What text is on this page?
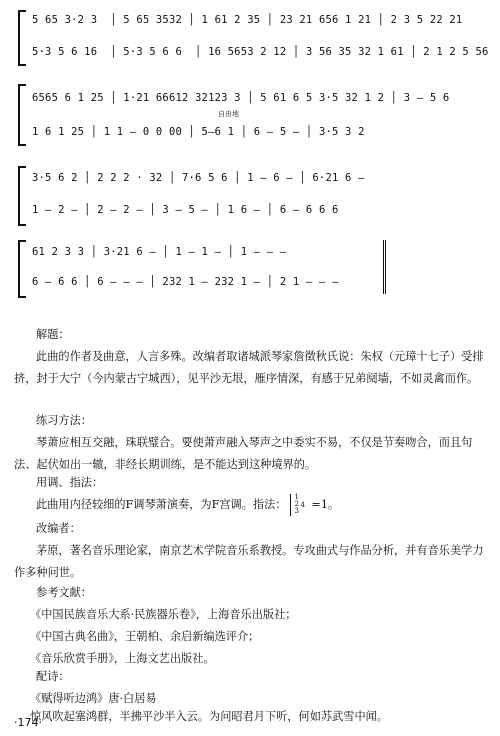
5 65 3·2 3  │ 5 65 3532 │ 1 61 2 35 │ 23 21 656 1 21 │ 2 3 5 22 21
5·3 5 6 16  │ 5·3 5 6 6  │ 16 5653 2 12 │ 3 56 35 32 1 61 │ 2 1 2 5 56
6565 6 1 25 │ 1·21 66612 32123 3 │ 5 61 6 5 3·5 32 1 2 │ 3 — 5 6
1 6 1 25 │ 1 1 — 0 0 00 │ 5—6 1 │ 6 — 5 — │ 3·5 3 2
自由地
3·5 6 2 │ 2 2 2 · 32 │ 7·6 5 6 │ 1 — 6 — │ 6·21 6 —
1 — 2 — │ 2 — 2 — │ 3 — 5 — │ 1 6 — │ 6 — 6 6 6
61 2 3 3 │ 3·21 6 — │ 1 — 1 — │ 1 — — —
6 — 6 6 │ 6 — — — │ 232 1 — 232 1 — │ 2 1 — — —
解题：
此曲的作者及曲意，人言多殊。改编者取诸城派琴家詹徵秋氏说：朱权（元璋十七子）受排挤，封于大宁（今内蒙古宁城西），见平沙无垠，雁序情深，有感于兄弟阋墙，不如灵禽而作。
练习方法：
琴萧应相互交融，珠联璧合。要使萧声融入琴声之中委实不易，不仅是节奏吻合，而且句法、起伏如出一辙，非经长期训练，是不能达到这种境界的。
用调、指法：
此曲用内径较细的F调琴萧演奏，为F宫调。指法：
1
2
3
4 =1。
改编者：
茅原，著名音乐理论家，南京艺术学院音乐系教授。专攻曲式与作品分析，并有音乐美学力作多种问世。
参考文献：
《中国民族音乐大系·民族器乐卷》，上海音乐出版社；
《中国古典名曲》，王朝柏、余启新编选评介；
《音乐欣赏手册》，上海文艺出版社。
配诗：
《赋得听边鸿》唐·白居易
惊风吹起塞鸿群，半拂平沙半入云。为问昭君月下听，何如苏武雪中闻。
·174·
